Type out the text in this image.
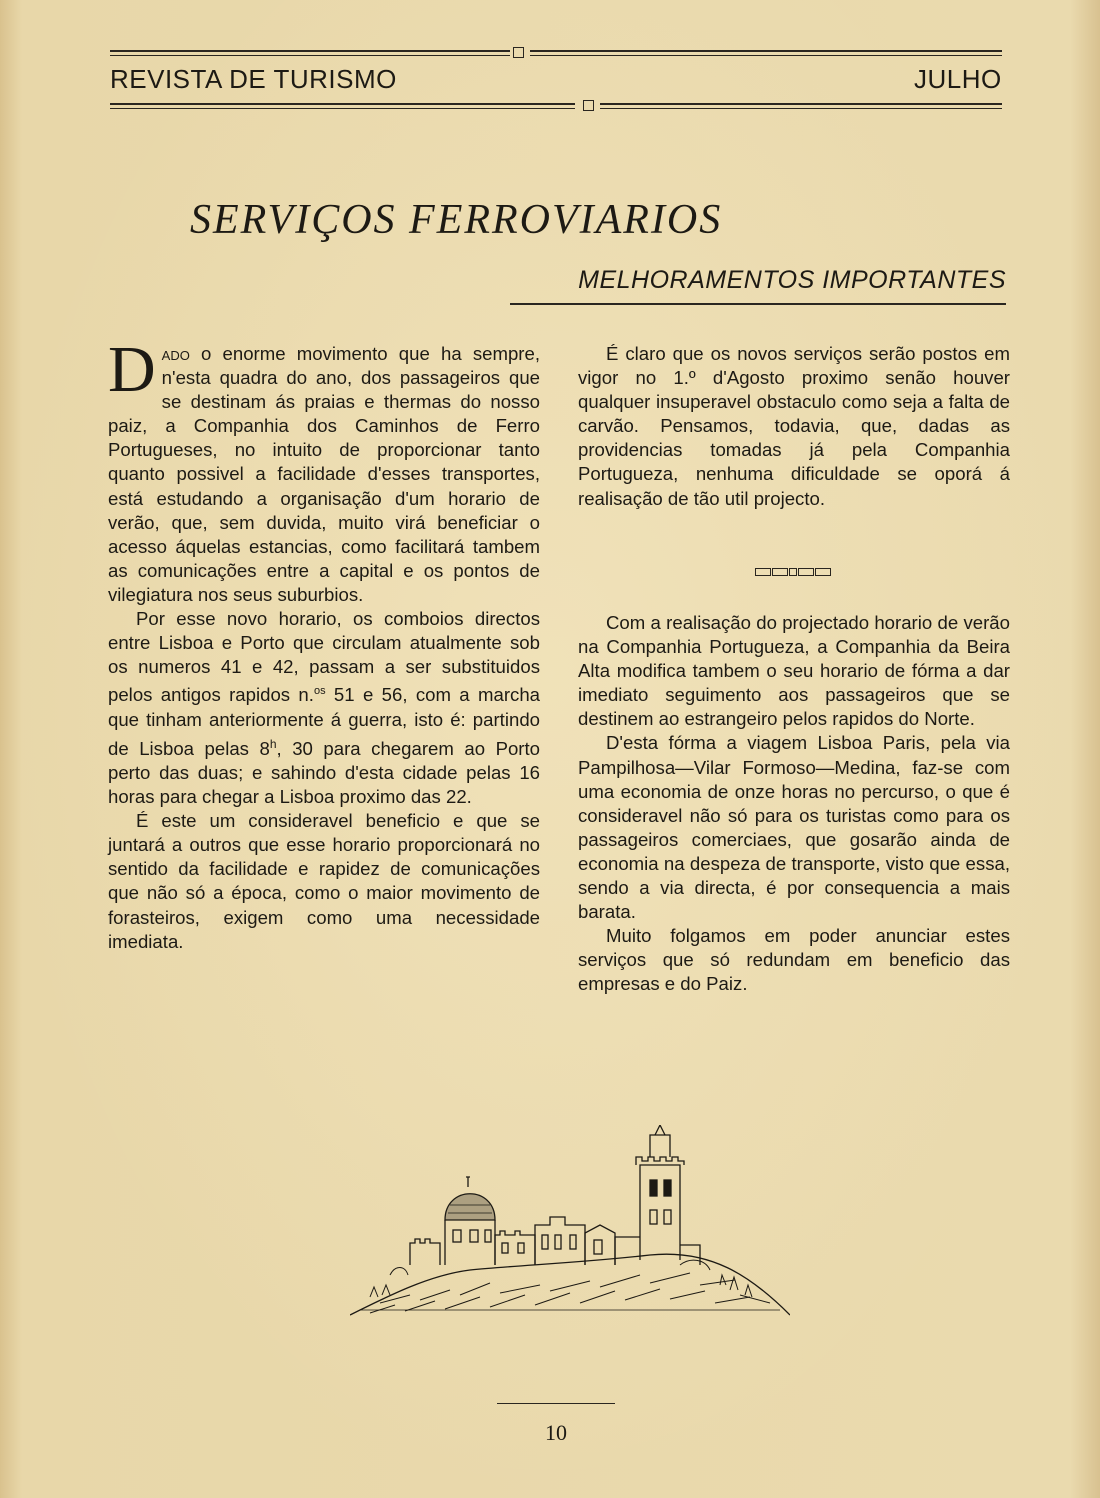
REVISTA DE TURISMO	JULHO
SERVIÇOS FERROVIARIOS
MELHORAMENTOS IMPORTANTES

Dado o enorme movimento que ha sempre, n'esta quadra do ano, dos passageiros que se destinam ás praias e thermas do nosso paiz, a Companhia dos Caminhos de Ferro Portugueses, no intuito de proporcionar tanto quanto possivel a facilidade d'esses transportes, está estudando a organisação d'um horario de verão, que, sem duvida, muito virá beneficiar o acesso áquelas estancias, como facilitará tambem as comunicações entre a capital e os pontos de vilegiatura nos seus suburbios.

Por esse novo horario, os comboios directos entre Lisboa e Porto que circulam atualmente sob os numeros 41 e 42, passam a ser substituidos pelos antigos rapidos n.$^{os}$ 51 e 56, com a marcha que tinham anteriormente á guerra, isto é: partindo de Lisboa pelas 8$^h$, 30 para chegarem ao Porto perto das duas; e sahindo d'esta cidade pelas 16 horas para chegar a Lisboa proximo das 22.

É este um consideravel beneficio e que se juntará a outros que esse horario proporcionará no sentido da facilidade e rapidez de comunicações que não só a época, como o maior movimento de forasteiros, exigem como uma necessidade imediata.

É claro que os novos serviços serão postos em vigor no 1.º d'Agosto proximo senão houver qualquer insuperavel obstaculo como seja a falta de carvão. Pensamos, todavia, que, dadas as providencias tomadas já pela Companhia Portugueza, nenhuma dificuldade se oporá á realisação de tão util projecto.

Com a realisação do projectado horario de verão na Companhia Portugueza, a Companhia da Beira Alta modifica tambem o seu horario de fórma a dar imediato seguimento aos passageiros que se destinem ao estrangeiro pelos rapidos do Norte.

D'esta fórma a viagem Lisboa Paris, pela via Pampilhosa—Vilar Formoso—Medina, faz-se com uma economia de onze horas no percurso, o que é consideravel não só para os turistas como para os passageiros comerciaes, que gosarão ainda de economia na despeza de transporte, visto que essa, sendo a via directa, é por consequencia a mais barata.

Muito folgamos em poder anunciar estes serviços que só redundam em beneficio das empresas e do Paiz.

10
